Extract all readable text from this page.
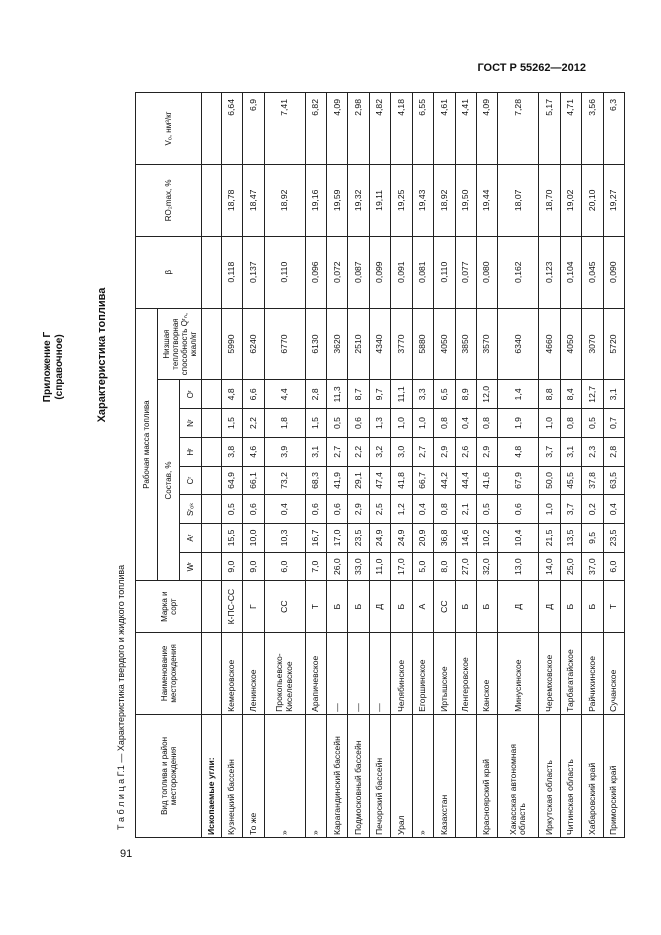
ГОСТ Р 55262—2012
Приложение Г (справочное)	Характеристика топлива
Т а б л и ц а Г.1 — Характеристика твердого и жидкого топлива	Вид топлива и район месторождения	Наименование месторождения	Марка и сорт	Рабочая масса топлива								β	RO₂max, %	Vₒ, нм³/кг
			Состав, %							Низшая теплотворная способность Qʳₙ, ккал/кг			
			Wʳ	Aʳ	Sʳₒₖ	Cʳ	Hʳ	Nʳ	Oʳ				
Ископаемые угли:													
Кузнецкий бассейн	Кемеровское	К-ПС-СС	9,0	15,5	0,5	64,9	3,8	1,5	4,8	5990	0,118	18,78	6,64
То же	Ленинское	Г	9,0	10,0	0,6	66,1	4,6	2,2	6,6	6240	0,137	18,47	6,9
»	Прокопьевско-Киселевское	СС	6,0	10,3	0,4	73,2	3,9	1,8	4,4	6770	0,110	18,92	7,41
»	Арапичевское	Т	7,0	16,7	0,6	68,3	3,1	1,5	2,8	6130	0,096	19,16	6,82
Карагандинский бассейн	—	Б	26,0	17,0	0,6	41,9	2,7	0,5	11,3	3620	0,072	19,59	4,09
Подмосковный бассейн	—	Б	33,0	23,5	2,9	29,1	2,2	0,6	8,7	2510	0,087	19,32	2,98
Печорский бассейн	—	Д	11,0	24,9	2,5	47,4	3,2	1,3	9,7	4340	0,099	19,11	4,82
Урал	Челябинское	Б	17,0	24,9	1,2	41,8	3,0	1,0	11,1	3770	0,091	19,25	4,18
»	Егоршинское	А	5,0	20,9	0,4	66,7	2,7	1,0	3,3	5880	0,081	19,43	6,55
Казахстан	Иртышское	СС	8,0	36,8	0,8	44,2	2,9	0,8	6,5	4050	0,110	18,92	4,61
	Ленгеровское	Б	27,0	14,6	2,1	44,4	2,6	0,4	8,9	3850	0,077	19,50	4,41
Красноярский край	Канское	Б	32,0	10,2	0,5	41,6	2,9	0,8	12,0	3570	0,080	19,44	4,09
Хакасская автономная область	Минусинское	Д	13,0	10,4	0,6	67,9	4,8	1,9	1,4	6340	0,162	18,07	7,28
Иркутская область	Черемховское	Д	14,0	21,5	1,0	50,0	3,7	1,0	8,8	4660	0,123	18,70	5,17
Читинская область	Тарбагатайское	Б	25,0	13,5	3,7	45,5	3,1	0,8	8,4	4050	0,104	19,02	4,71
Хабаровский край	Райчихинское	Б	37,0	9,5	0,2	37,8	2,3	0,5	12,7	3070	0,045	20,10	3,56
Приморский край	Сучанское	Т	6,0	23,5	0,4	63,5	2,8	0,7	3,1	5720	0,090	19,27	6,3
91
